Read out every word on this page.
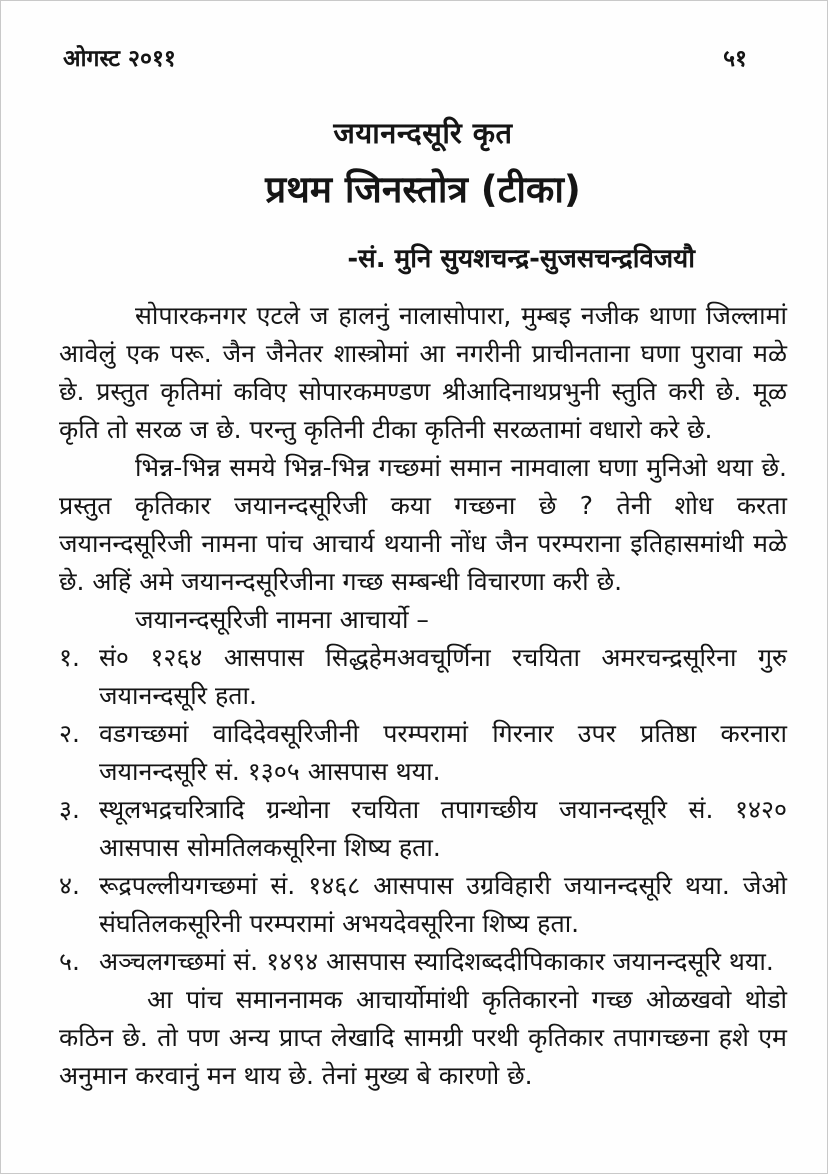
ओगस्ट २०११	५१
जयानन्दसूरि कृत
प्रथम जिनस्तोत्र (टीका)
-सं. मुनि सुयशचन्द्र-सुजसचन्द्रविजयौ

सोपारकनगर एटले ज हालनुं नालासोपारा, मुम्बइ नजीक थाणा जिल्लामां आवेलुं एक परू. जैन जैनेतर शास्त्रोमां आ नगरीनी प्राचीनताना घणा पुरावा मळे छे. प्रस्तुत कृतिमां कविए सोपारकमण्डण श्रीआदिनाथप्रभुनी स्तुति करी छे. मूळ कृति तो सरळ ज छे. परन्तु कृतिनी टीका कृतिनी सरळतामां वधारो करे छे.

भिन्न-भिन्न समये भिन्न-भिन्न गच्छमां समान नामवाला घणा मुनिओ थया छे. प्रस्तुत कृतिकार जयानन्दसूरिजी कया गच्छना छे ? तेनी शोध करता जयानन्दसूरिजी नामना पांच आचार्य थयानी नोंध जैन परम्पराना इतिहासमांथी मळे छे. अहिं अमे जयानन्दसूरिजीना गच्छ सम्बन्धी विचारणा करी छे.

जयानन्दसूरिजी नामना आचार्यो –

१. सं० १२६४ आसपास सिद्धहेमअवचूर्णिना रचयिता अमरचन्द्रसूरिना गुरु जयानन्दसूरि हता.
२. वडगच्छमां वादिदेवसूरिजीनी परम्परामां गिरनार उपर प्रतिष्ठा करनारा जयानन्दसूरि सं. १३०५ आसपास थया.
३. स्थूलभद्रचरित्रादि ग्रन्थोना रचयिता तपागच्छीय जयानन्दसूरि सं. १४२० आसपास सोमतिलकसूरिना शिष्य हता.
४. रूद्रपल्लीयगच्छमां सं. १४६८ आसपास उग्रविहारी जयानन्दसूरि थया. जेओ संघतिलकसूरिनी परम्परामां अभयदेवसूरिना शिष्य हता.
५. अञ्चलगच्छमां सं. १४९४ आसपास स्यादिशब्ददीपिकाकार जयानन्दसूरि थया.

आ पांच समाननामक आचार्योमांथी कृतिकारनो गच्छ ओळखवो थोडो कठिन छे. तो पण अन्य प्राप्त लेखादि सामग्री परथी कृतिकार तपागच्छना हशे एम अनुमान करवानुं मन थाय छे. तेनां मुख्य बे कारणो छे.
